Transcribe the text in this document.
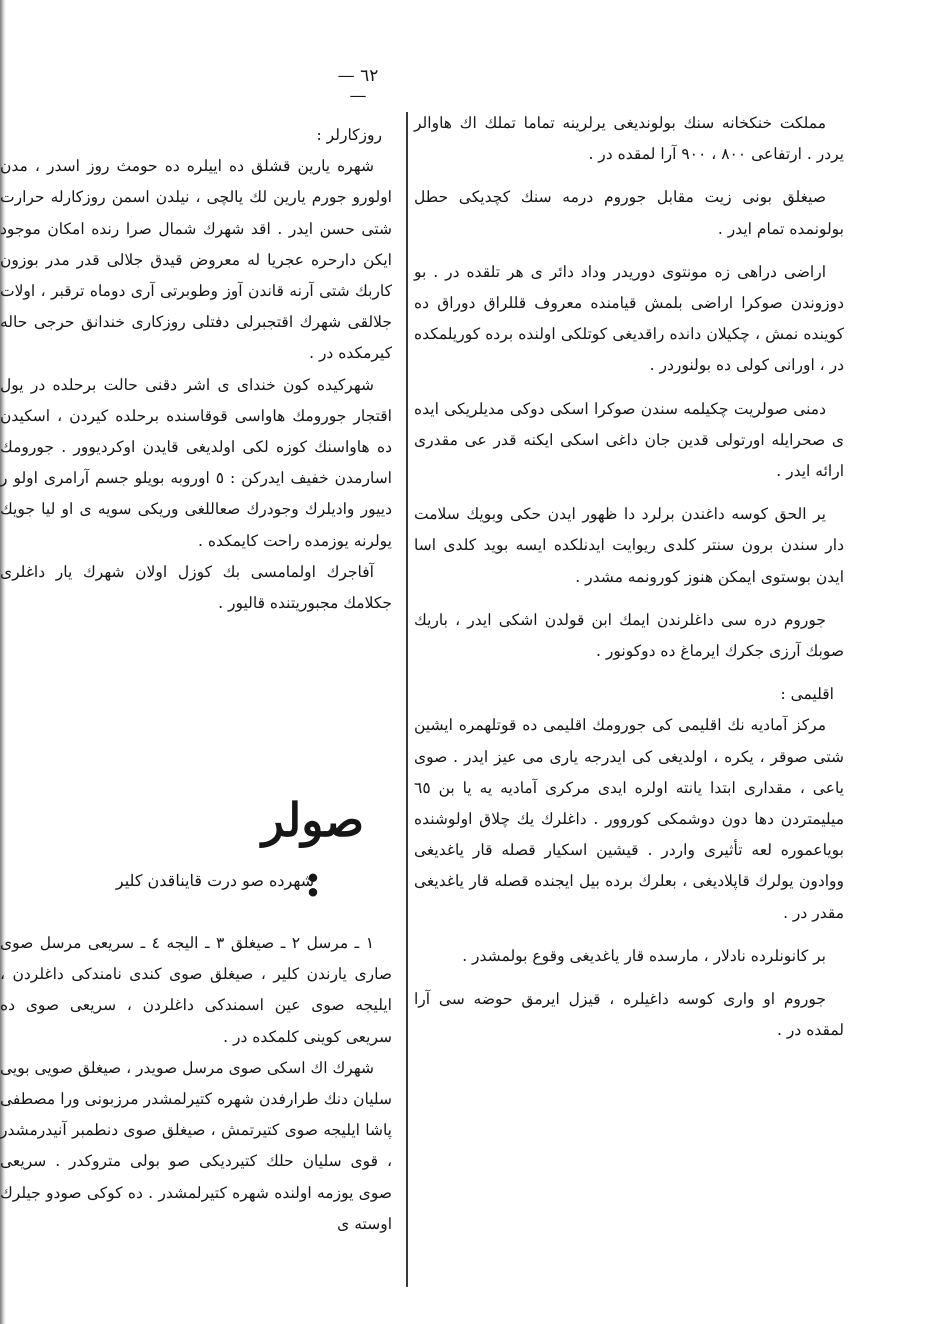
— ٦٢ —

مملكت خنكخانه سنك بولونديغى يرلرينه تماما تملك اك هاوالر يردر . ارتفاعى ٨٠٠ ، ٩٠٠ آرا لمقده در .

صيغلق بونى زيت مقابل جوروم درمه سنك كچديكى حطل بولونمده تمام ايدر .

اراضى دراهى زه مونتوى دوريدر وداد دائر ى هر تلقده در . بو دوزوندن صوكرا اراضى بلمش قيامنده معروف قللراق دوراق ده كوينده نمش ، چكيلان دانده راقديغى كوتلكى اولنده برده كوريلمكده در ، اورانى كولى ده بولنوردر .

دمنى صولريت چكيلمه سندن صوكرا اسكى دوكى مديلريكى ايده ى صحرايله اورتولى قدين جان داغى اسكى ايكنه قدر عى مقدرى ارائه ايدر .

ير الحق كوسه داغندن برلرد دا ظهور ايدن حكى وبويك سلامت دار سندن برون سنتر كلدى ريوايت ايدنلكده ايسه بويد كلدى اسا ايدن بوستوى ايمكن هنوز كورونمه مشدر .

جوروم دره سى داغلرندن ايمك ابن قولدن اشكى ايدر ، باريك صوبك آرزى جكرك ايرماغ ده دوكونور .

اقليمى :

مركز آماديه نك اقليمى كى جورومك اقليمى ده قوتلهمره ايشين شتى صوقر ، يكره ، اولديغى كى ايدرجه يارى مى عيز ايدر . صوى ياعى ، مقدارى ابتدا يانته اولره ايدى مركرى آماديه يه يا بن ٦٥ ميليمتردن دها دون دوشمكى كوروور . داغلرك يك چلاق اولوشنده بوياعموره لعه تأثيرى واردر . قيشين اسكيار قصله قار ياغديغى ووادون يولرك قاپلاديغى ، بعلرك برده بيل ايجنده قصله قار ياغديغى مقدر در .

بر كانونلرده نادلار ، مارسده قار ياغديغى وقوع بولمشدر .

جوروم او وارى كوسه داغيلره ، قيزل ايرمق حوضه سى آرا لمقده در .

روزكارلر :

شهره يارين قشلق ده اييلره ده حومث روز اسدر ، مدن اولورو جورم يارين لك يالچى ، نيلدن اسمن روزكارله حرارت شتى حسن ايدر . اقد شهرك شمال صرا رنده امكان موجود ايكن دارحره عجريا له معروض قيدق جلالى قدر مدر بوزون كاربك شتى آرنه قاندن آوز وطوبرتى آرى دوماه ترقبر ، اولات جلالقى شهرك اقتجبرلى دفتلى روزكارى خندانق حرجى حاله كيرمكده در .

شهركيده كون خنداى ى اشر دقنى حالت برحلده در يول اقتجار جورومك هاواسى قوقاسنده برحلده كيردن ، اسكيدن ده هاواسنك كوزه لكى اولديغى قايدن اوكرديوور . جورومك اسارمدن خفيف ايدركن : ٥ اوروبه بويلو جسم آرامرى اولو ر دييور واديلرك وجودرك صعاللغى وريكى سويه ى او ليا جويك يولرنه يوزمده راحت كايمكده .

آفاجرك اولمامسى بك كوزل اولان شهرك يار داغلرى جكلامك مجبوريتنده قاليور .

صولر :
شهرده صو درت قايناقدن كلير

١ ـ مرسل ٢ ـ صيغلق ٣ ـ اليجه ٤ ـ سريعى مرسل صوى صارى يارندن كلير ، صيغلق صوى كندى نامندكى داغلردن ، ايليجه صوى عين اسمندكى داغلردن ، سريعى صوى ده سريعى كوينى كلمكده در .

شهرك اك اسكى صوى مرسل صويدر ، صيغلق صويى بويى سليان دنك طرارفدن شهره كتيرلمشدر مرزبونى ورا مصطفى پاشا ايليجه صوى كتيرتمش ، صيغلق صوى دنطمبر آنيدرمشدر ، قوى سليان حلك كتيرديكى صو بولى متروكدر . سريعى صوى يوزمه اولنده شهره كتيرلمشدر . ده كوكى صودو جيلرك اوسته ى
